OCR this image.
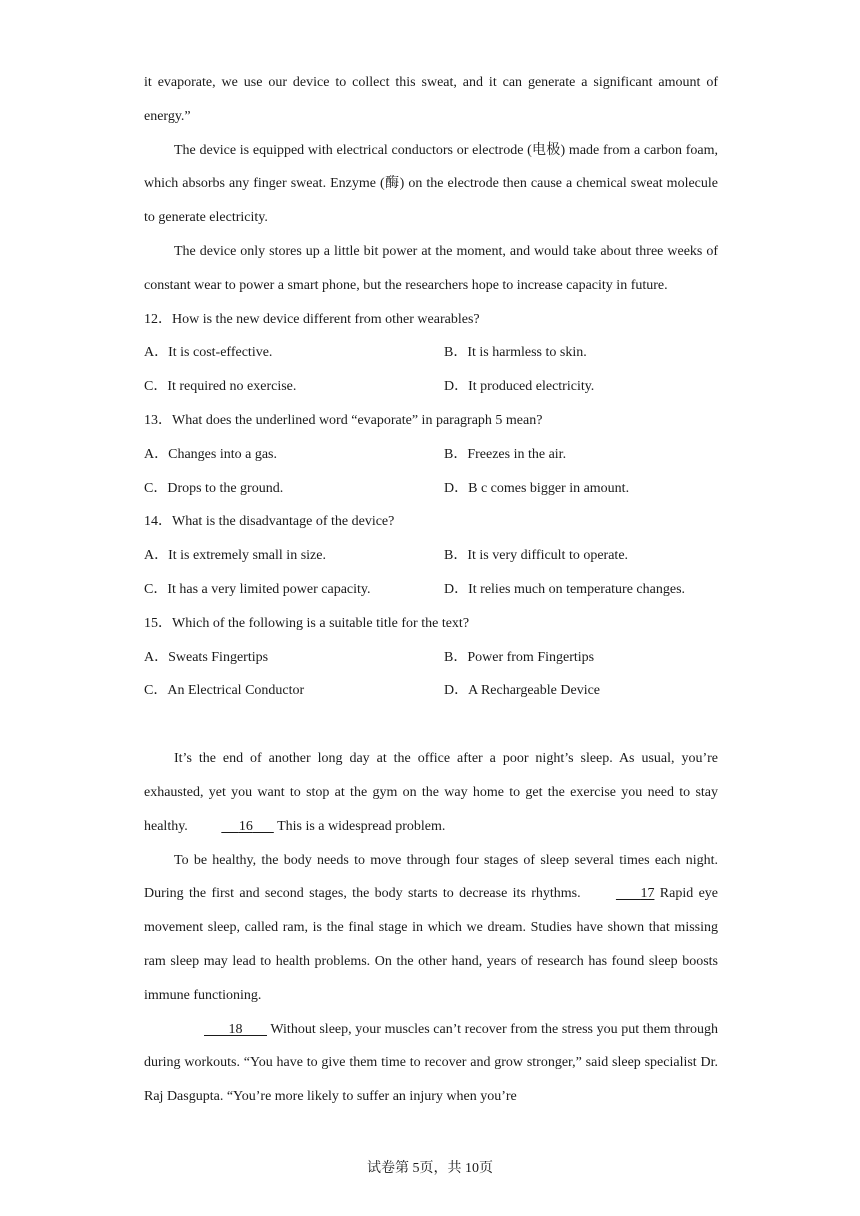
it evaporate, we use our device to collect this sweat, and it can generate a significant amount of energy.”

The device is equipped with electrical conductors or electrode (电极) made from a carbon foam, which absorbs any finger sweat. Enzyme (酶) on the electrode then cause a chemical sweat molecule to generate electricity.

The device only stores up a little bit power at the moment, and would take about three weeks of constant wear to power a smart phone, but the researchers hope to increase capacity in future.

12．How is the new device different from other wearables?

A．It is cost-effective.	B．It is harmless to skin.
C．It required no exercise.	D．It produced electricity.

13．What does the underlined word “evaporate” in paragraph 5 mean?

A．Changes into a gas.	B．Freezes in the air.
C．Drops to the ground.	D．B c comes bigger in amount.

14．What is the disadvantage of the device?

A．It is extremely small in size.	B．It is very difficult to operate.
C．It has a very limited power capacity.	D．It relies much on temperature changes.

15．Which of the following is a suitable title for the text?

A．Sweats Fingertips	B．Power from Fingertips
C．An Electrical Conductor	D．A Rechargeable Device

It’s the end of another long day at the office after a poor night’s sleep. As usual, you’re exhausted, yet you want to stop at the gym on the way home to get the exercise you need to stay healthy.	16 This is a widespread problem.

To be healthy, the body needs to move through four stages of sleep several times each night. During the first and second stages, the body starts to decrease its rhythms.	17 Rapid eye movement sleep, called ram, is the final stage in which we dream. Studies have shown that missing ram sleep may lead to health problems. On the other hand, years of research has found sleep boosts immune functioning.

18 Without sleep, your muscles can’t recover from the stress you put them through during workouts. “You have to give them time to recover and grow stronger,” said sleep specialist Dr. Raj Dasgupta. “You’re more likely to suffer an injury when you’re

试卷第 5页，共 10页
